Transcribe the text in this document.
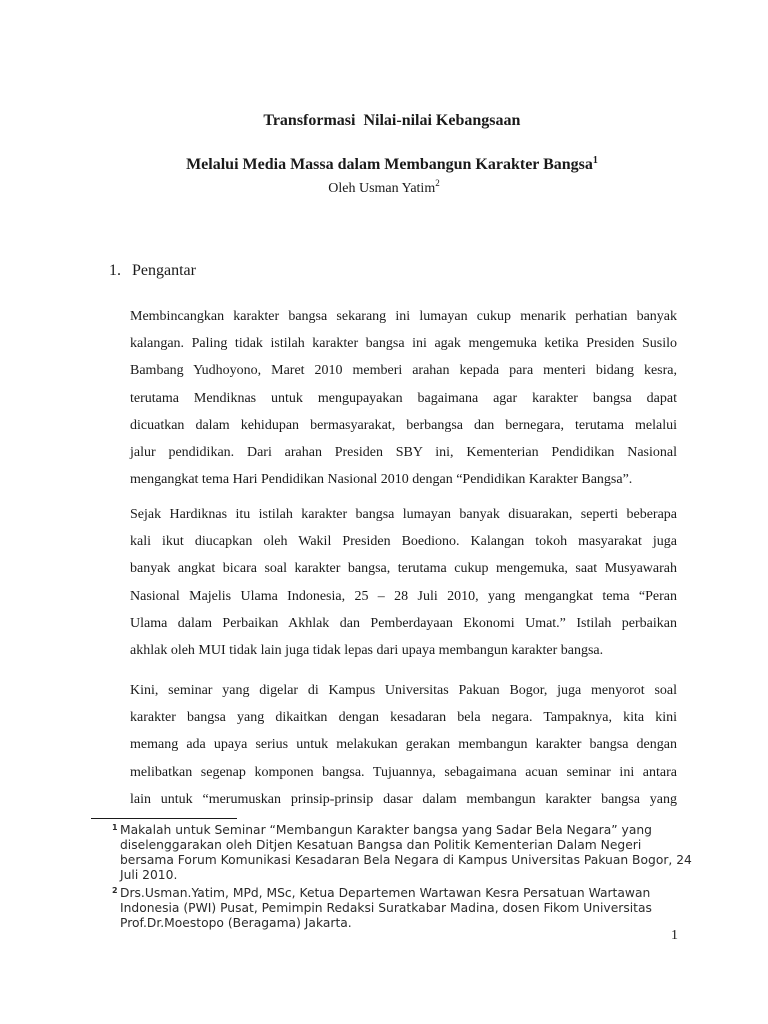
Transformasi  Nilai-nilai Kebangsaan

Melalui Media Massa dalam Membangun Karakter Bangsa$^1$

Oleh Usman Yatim$^2$
1. Pengantar
Membincangkan karakter bangsa sekarang ini lumayan cukup menarik perhatian banyak
kalangan. Paling tidak istilah karakter bangsa ini agak mengemuka ketika Presiden Susilo
Bambang Yudhoyono, Maret 2010 memberi arahan kepada para menteri bidang kesra,
terutama Mendiknas untuk mengupayakan bagaimana agar karakter bangsa dapat
dicuatkan dalam kehidupan bermasyarakat, berbangsa dan bernegara, terutama melalui
jalur pendidikan. Dari arahan Presiden SBY ini, Kementerian Pendidikan Nasional
mengangkat tema Hari Pendidikan Nasional 2010 dengan “Pendidikan Karakter Bangsa”.
Sejak Hardiknas itu istilah karakter bangsa lumayan banyak disuarakan, seperti beberapa
kali ikut diucapkan oleh Wakil Presiden Boediono. Kalangan tokoh masyarakat juga
banyak angkat bicara soal karakter bangsa, terutama cukup mengemuka, saat Musyawarah
Nasional Majelis Ulama Indonesia, 25 – 28 Juli 2010, yang mengangkat tema “Peran
Ulama dalam Perbaikan Akhlak dan Pemberdayaan Ekonomi Umat.” Istilah perbaikan
akhlak oleh MUI tidak lain juga tidak lepas dari upaya membangun karakter bangsa.
Kini, seminar yang digelar di Kampus Universitas Pakuan Bogor, juga menyorot soal
karakter bangsa yang dikaitkan dengan kesadaran bela negara. Tampaknya, kita kini
memang ada upaya serius untuk melakukan gerakan membangun karakter bangsa dengan
melibatkan segenap komponen bangsa. Tujuannya, sebagaimana acuan seminar ini antara
lain untuk “merumuskan prinsip-prinsip dasar dalam membangun karakter bangsa yang
1 Makalah untuk Seminar “Membangun Karakter bangsa yang Sadar Bela Negara” yang diselenggarakan oleh Ditjen Kesatuan Bangsa dan Politik Kementerian Dalam Negeri bersama Forum Komunikasi Kesadaran Bela Negara di Kampus Universitas Pakuan Bogor, 24 Juli 2010.
2 Drs.Usman.Yatim, MPd, MSc, Ketua Departemen Wartawan Kesra Persatuan Wartawan Indonesia (PWI) Pusat, Pemimpin Redaksi Suratkabar Madina, dosen Fikom Universitas Prof.Dr.Moestopo (Beragama) Jakarta.
1
